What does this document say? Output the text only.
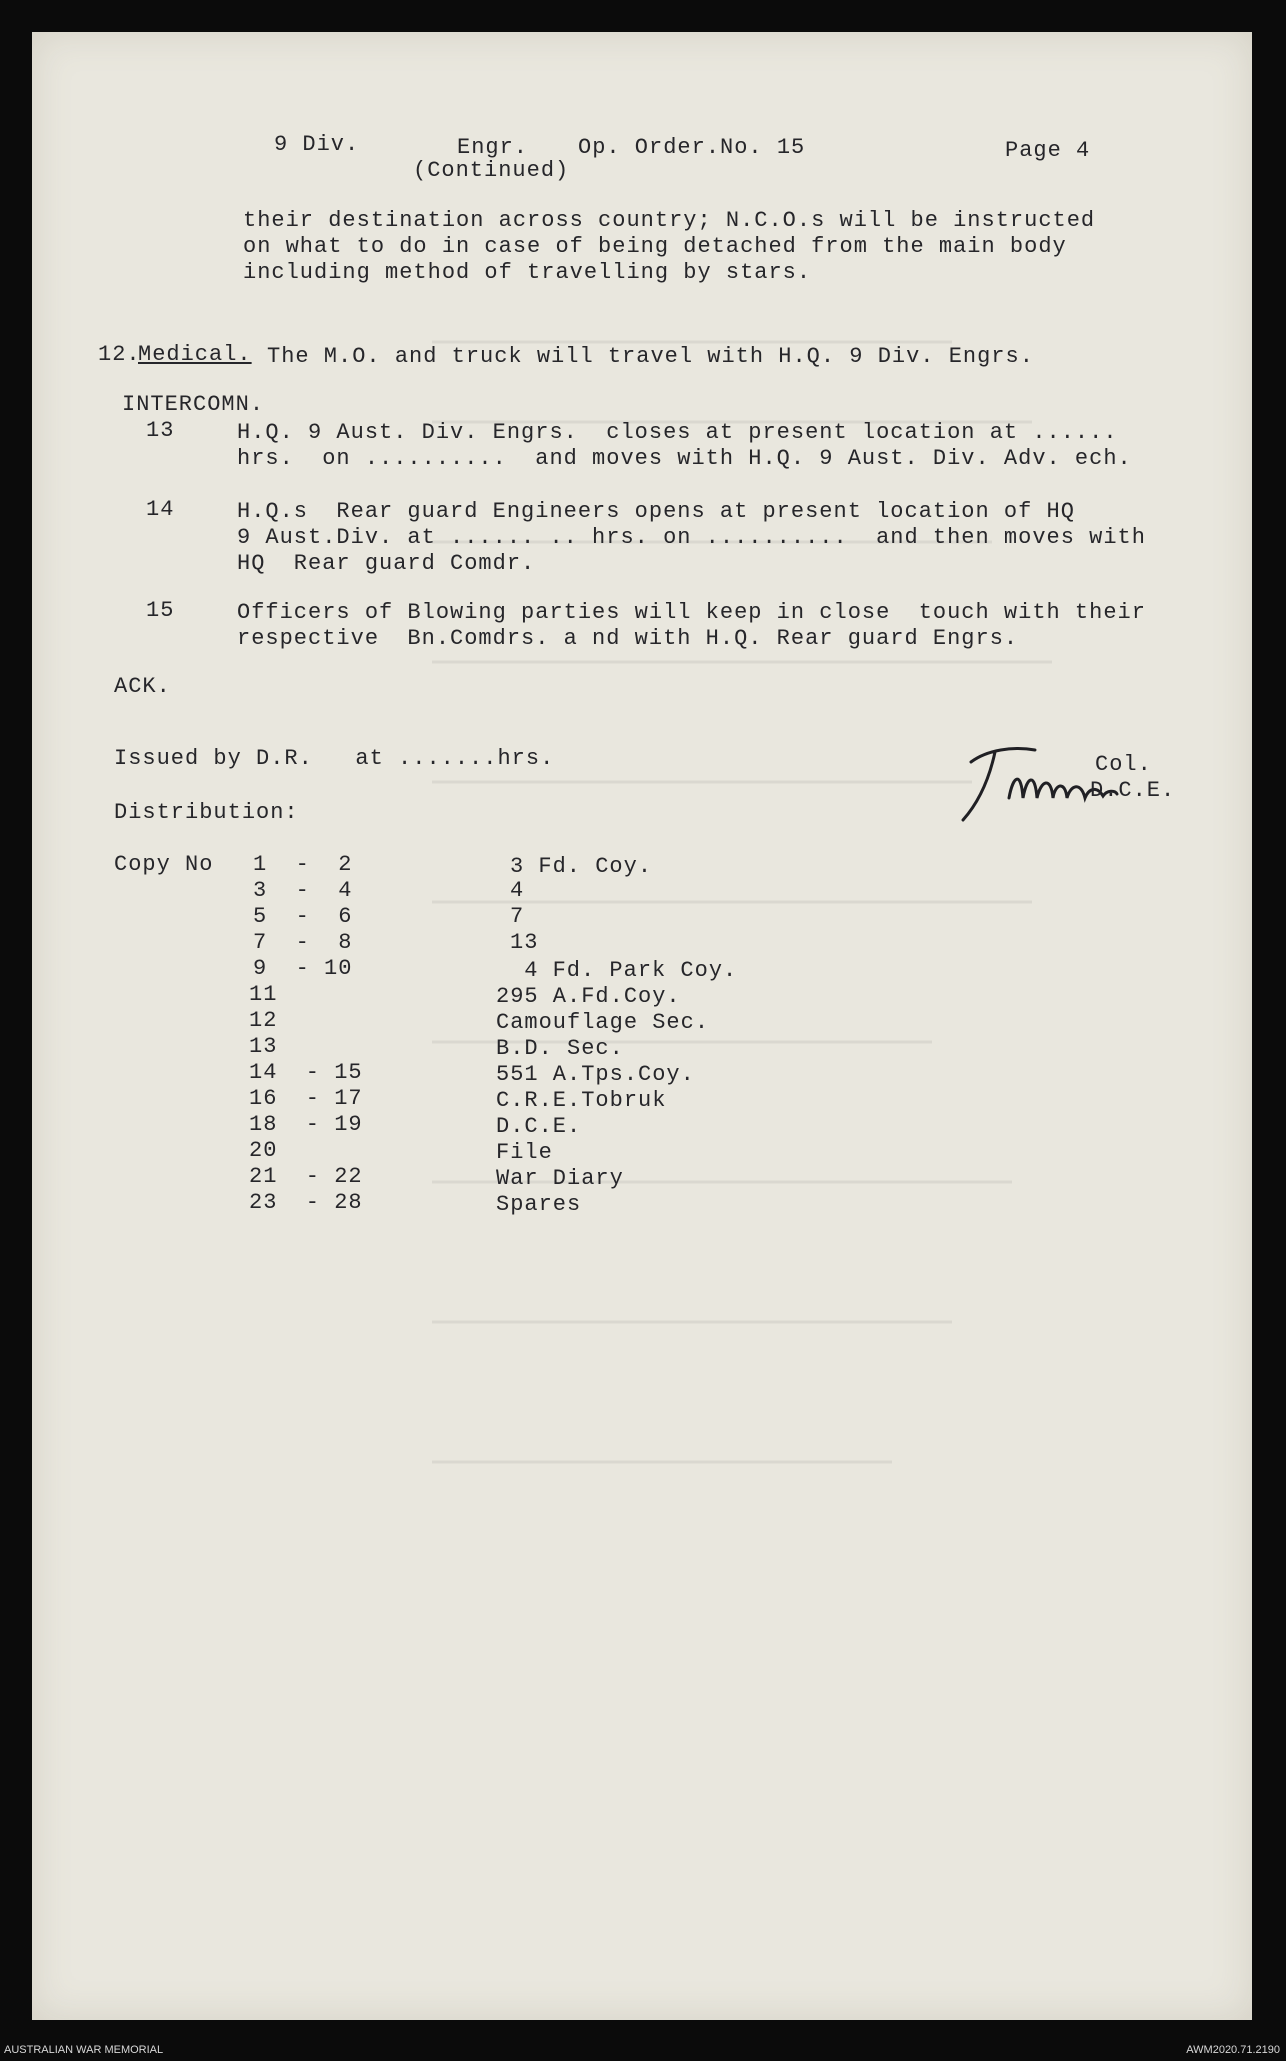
9 Div.	Engr. Op. Order.No. 15
(Continued)
Page 4
their destination across country; N.C.O.s will be instructed
on what to do in case of being detached from the main body
including method of travelling by stars.
12.
Medical. The M.O. and truck will travel with H.Q. 9 Div. Engrs.
INTERCOMN.
13	H.Q. 9 Aust. Div. Engrs.  closes at present location at ......
hrs.  on ..........  and moves with H.Q. 9 Aust. Div. Adv. ech.
14	H.Q.s  Rear guard Engineers opens at present location of HQ
9 Aust.Div. at ...... .. hrs. on ..........  and then moves with
HQ  Rear guard Comdr.
15	Officers of Blowing parties will keep in close  touch with their
respective  Bn.Comdrs. a nd with H.Q. Rear guard Engrs.
ACK.
Issued by D.R.   at .......hrs.	Col.
D.C.E.
Distribution:
Copy No 1  -  2	3 Fd. Coy.
3  -  4	4
5  -  6	7
7  -  8	13
9  - 10	4 Fd. Park Coy.
11	295 A.Fd.Coy.
12	Camouflage Sec.
13	B.D. Sec.
14  - 15	551 A.Tps.Coy.
16  - 17	C.R.E.Tobruk
18  - 19	D.C.E.
20	File
21  - 22	War Diary
23  - 28	Spares
AUSTRALIAN WAR MEMORIAL	AWM2020.71.2190
